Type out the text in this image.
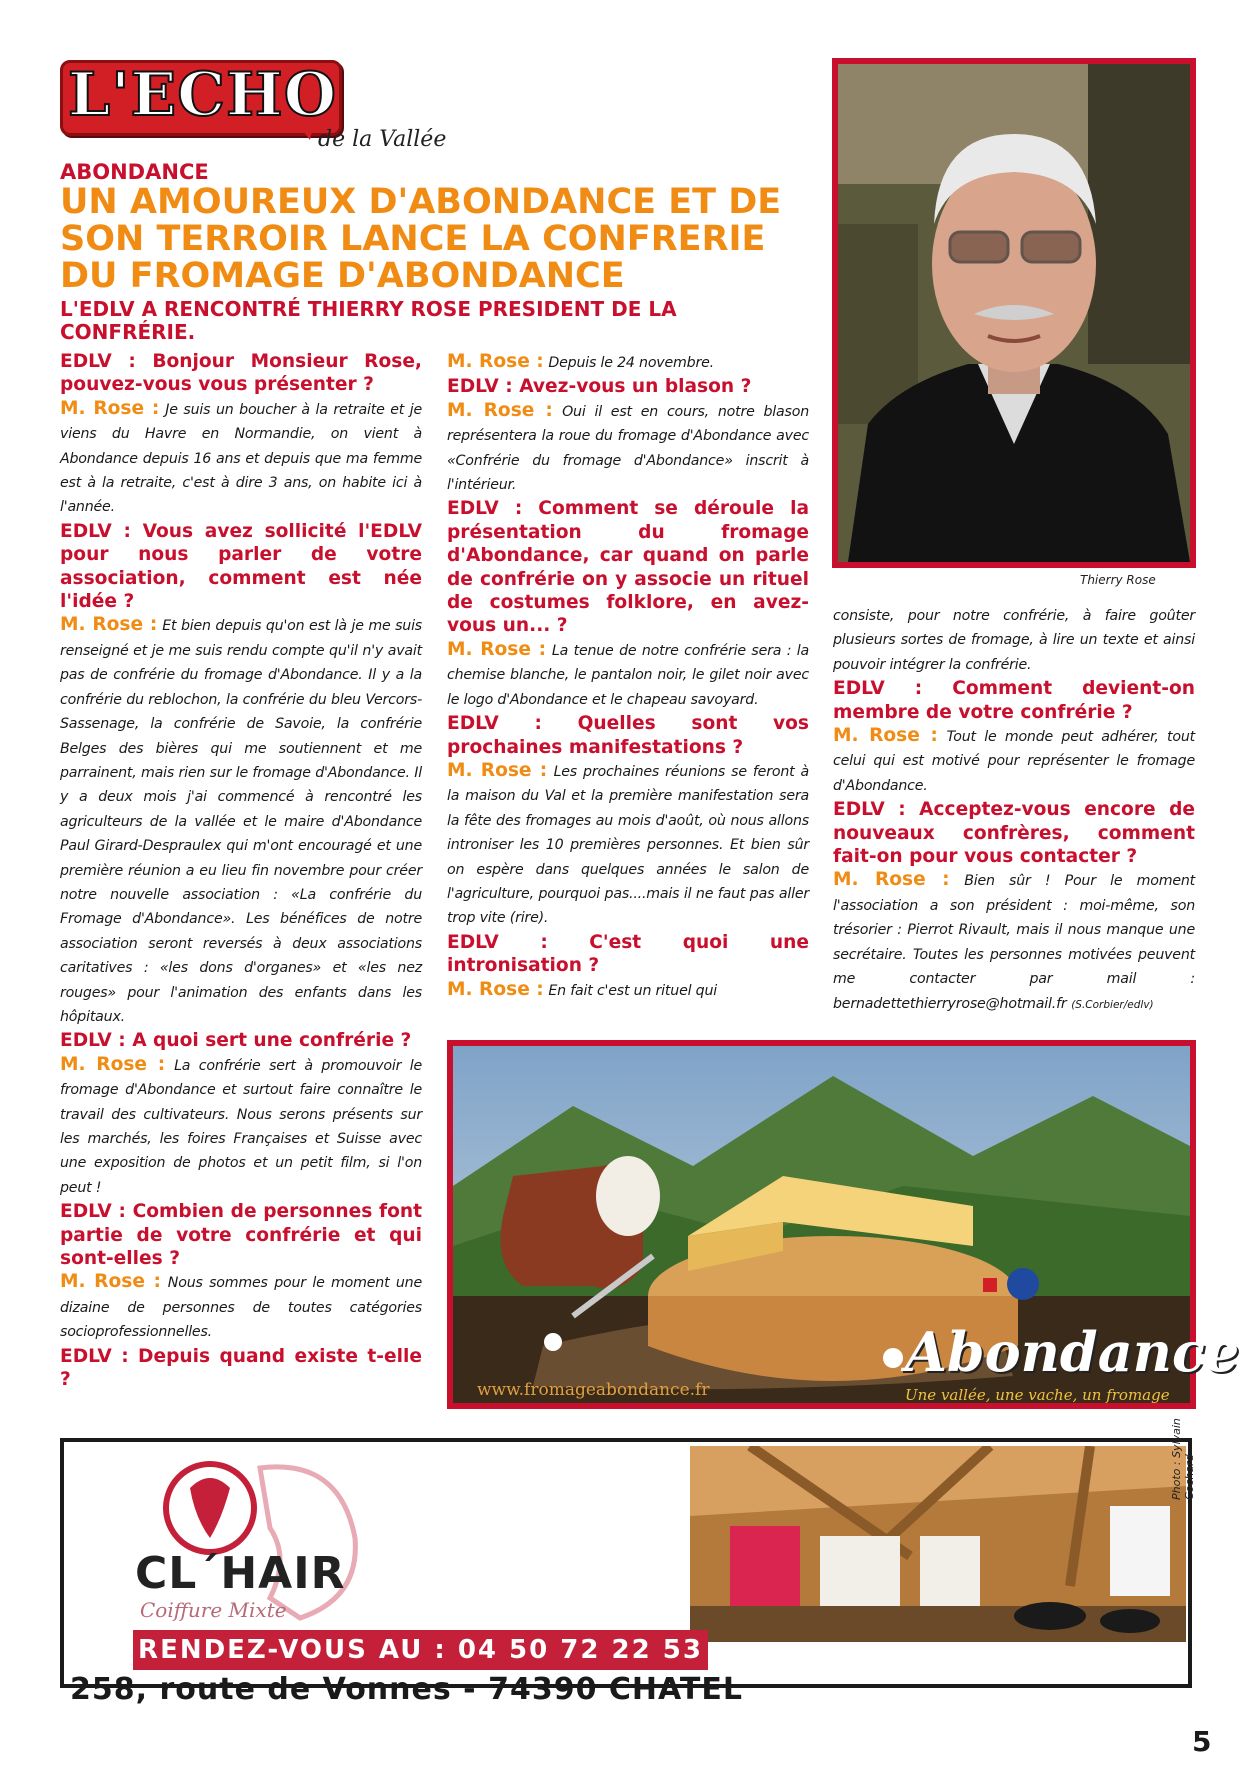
L'ECHO
de la Vallée
ABONDANCE
UN AMOUREUX D'ABONDANCE ET DE SON TERROIR LANCE LA CONFRERIE DU FROMAGE D'ABONDANCE
L'EDLV A RENCONTRÉ THIERRY ROSE PRESIDENT DE LA CONFRÉRIE.
EDLV : Bonjour Monsieur Rose, pouvez-vous vous présenter ?

M. Rose : Je suis un boucher à la retraite et je viens du Havre en Normandie, on vient à Abondance depuis 16 ans et depuis que ma femme est à la retraite, c'est à dire 3 ans, on habite ici à l'année.

EDLV : Vous avez sollicité l'EDLV pour nous parler de votre association, comment est née l'idée ?

M. Rose : Et bien depuis qu'on est là je me suis renseigné et je me suis rendu compte qu'il n'y avait pas de confrérie du fromage d'Abondance. Il y a la confrérie du reblochon, la confrérie du bleu Vercors-Sassenage, la confrérie de Savoie, la confrérie Belges des bières qui me soutiennent et me parrainent, mais rien sur le fromage d'Abondance. Il y a deux mois j'ai commencé à rencontré les agriculteurs de la vallée et le maire d'Abondance Paul Girard-Despraulex qui m'ont encouragé et une première réunion a eu lieu fin novembre pour créer notre nouvelle association : «La confrérie du Fromage d'Abondance». Les bénéfices de notre association seront reversés à deux associations caritatives : «les dons d'organes» et «les nez rouges» pour l'animation des enfants dans les hôpitaux.

EDLV : A quoi sert une confrérie ?

M. Rose : La confrérie sert à promouvoir le fromage d'Abondance et surtout faire connaître le travail des cultivateurs. Nous serons présents sur les marchés, les foires Françaises et Suisse avec une exposition de photos et un petit film, si l'on peut !

EDLV : Combien de personnes font partie de votre confrérie et qui sont-elles ?

M. Rose : Nous sommes pour le moment une dizaine de personnes de toutes catégories socioprofessionnelles.

EDLV : Depuis quand existe t-elle ?

M. Rose : Depuis le 24 novembre.

EDLV : Avez-vous un blason ?

M. Rose : Oui il est en cours, notre blason représentera la roue du fromage d'Abondance avec «Confrérie du fromage d'Abondance» inscrit à l'intérieur.

EDLV : Comment se déroule la présentation du fromage d'Abondance, car quand on parle de confrérie on y associe un rituel de costumes folklore, en avez-vous un... ?

M. Rose : La tenue de notre confrérie sera : la chemise blanche, le pantalon noir, le gilet noir avec le logo d'Abondance et le chapeau savoyard.

EDLV : Quelles sont vos prochaines manifestations ?

M. Rose : Les prochaines réunions se feront à la maison du Val et la première manifestation sera la fête des fromages au mois d'août, où nous allons introniser les 10 premières personnes. Et bien sûr on espère dans quelques années le salon de l'agriculture, pourquoi pas....mais il ne faut pas aller trop vite (rire).

EDLV : C'est quoi une intronisation ?

M. Rose : En fait c'est un rituel qui

Thierry Rose

consiste, pour notre confrérie, à faire goûter plusieurs sortes de fromage, à lire un texte et ainsi pouvoir intégrer la confrérie.

EDLV : Comment devient-on membre de votre confrérie ?

M. Rose : Tout le monde peut adhérer, tout celui qui est motivé pour représenter le fromage d'Abondance.

EDLV : Acceptez-vous encore de nouveaux confrères, comment fait-on pour vous contacter ?

M. Rose : Bien sûr ! Pour le moment l'association a son président : moi-même, son trésorier : Pierrot Rivault, mais il nous manque une secrétaire. Toutes les personnes motivées peuvent me contacter par mail : bernadettethierryrose@hotmail.fr (S.Corbier/edlv)

Abondance
www.fromageabondance.fr	Une vallée, une vache, un fromage
CL´HAIR
Coiffure Mixte
RENDEZ-VOUS AU : 04 50 72 22 53
Photo : Sylvain Cochard
258, route de Vonnes - 74390 CHATEL
5
